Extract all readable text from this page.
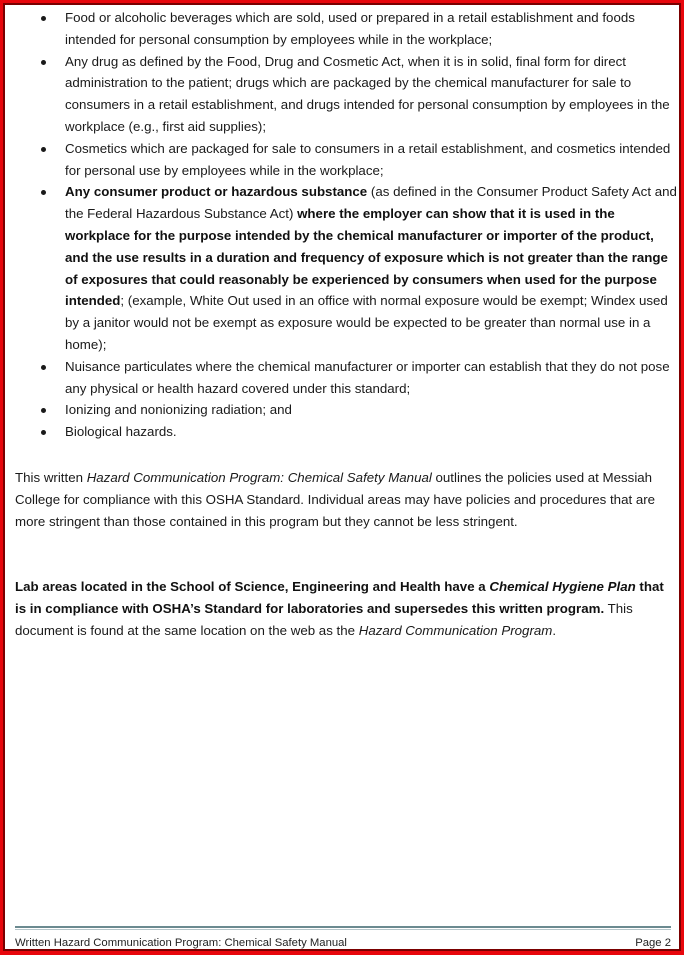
Food or alcoholic beverages which are sold, used or prepared in a retail establishment and foods intended for personal consumption by employees while in the workplace;
Any drug as defined by the Food, Drug and Cosmetic Act, when it is in solid, final form for direct administration to the patient; drugs which are packaged by the chemical manufacturer for sale to consumers in a retail establishment, and drugs intended for personal consumption by employees in the workplace (e.g., first aid supplies);
Cosmetics which are packaged for sale to consumers in a retail establishment, and cosmetics intended for personal use by employees while in the workplace;
Any consumer product or hazardous substance (as defined in the Consumer Product Safety Act and the Federal Hazardous Substance Act) where the employer can show that it is used in the workplace for the purpose intended by the chemical manufacturer or importer of the product, and the use results in a duration and frequency of exposure which is not greater than the range of exposures that could reasonably be experienced by consumers when used for the purpose intended; (example, White Out used in an office with normal exposure would be exempt; Windex used by a janitor would not be exempt as exposure would be expected to be greater than normal use in a home);
Nuisance particulates where the chemical manufacturer or importer can establish that they do not pose any physical or health hazard covered under this standard;
Ionizing and nonionizing radiation; and
Biological hazards.

This written Hazard Communication Program: Chemical Safety Manual outlines the policies used at Messiah College for compliance with this OSHA Standard. Individual areas may have policies and procedures that are more stringent than those contained in this program but they cannot be less stringent.

Lab areas located in the School of Science, Engineering and Health have a Chemical Hygiene Plan that is in compliance with OSHA’s Standard for laboratories and supersedes this written program. This document is found at the same location on the web as the Hazard Communication Program.

Written Hazard Communication Program: Chemical Safety Manual	Page 2
